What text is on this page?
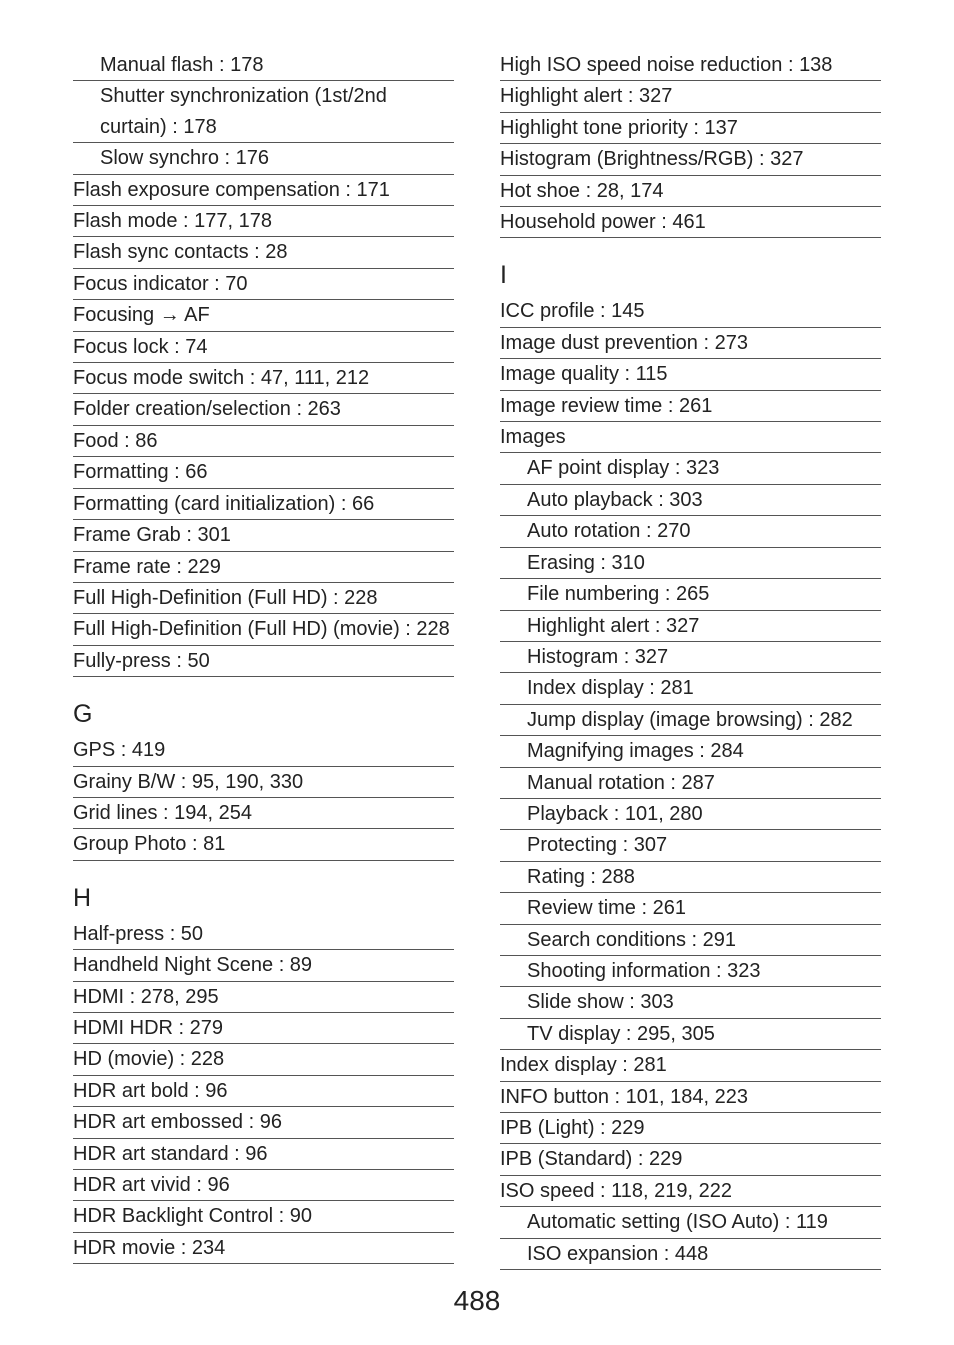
Manual flash : 178
Shutter synchronization (1st/2nd curtain) : 178
Slow synchro : 176
Flash exposure compensation : 171
Flash mode : 177, 178
Flash sync contacts : 28
Focus indicator : 70
Focusing → AF
Focus lock : 74
Focus mode switch : 47, 111, 212
Folder creation/selection : 263
Food : 86
Formatting : 66
Formatting (card initialization) : 66
Frame Grab : 301
Frame rate : 229
Full High-Definition (Full HD) : 228
Full High-Definition (Full HD) (movie) : 228
Fully-press : 50
G
GPS : 419
Grainy B/W : 95, 190, 330
Grid lines : 194, 254
Group Photo : 81
H
Half-press : 50
Handheld Night Scene : 89
HDMI : 278, 295
HDMI HDR : 279
HD (movie) : 228
HDR art bold : 96
HDR art embossed : 96
HDR art standard : 96
HDR art vivid : 96
HDR Backlight Control : 90
HDR movie : 234
High ISO speed noise reduction : 138
Highlight alert : 327
Highlight tone priority : 137
Histogram (Brightness/RGB) : 327
Hot shoe : 28, 174
Household power : 461
I
ICC profile : 145
Image dust prevention : 273
Image quality : 115
Image review time : 261
Images
AF point display : 323
Auto playback : 303
Auto rotation : 270
Erasing : 310
File numbering : 265
Highlight alert : 327
Histogram : 327
Index display : 281
Jump display (image browsing) : 282
Magnifying images : 284
Manual rotation : 287
Playback : 101, 280
Protecting : 307
Rating : 288
Review time : 261
Search conditions : 291
Shooting information : 323
Slide show : 303
TV display : 295, 305
Index display : 281
INFO button : 101, 184, 223
IPB (Light) : 229
IPB (Standard) : 229
ISO speed : 118, 219, 222
Automatic setting (ISO Auto) : 119
ISO expansion : 448
488
